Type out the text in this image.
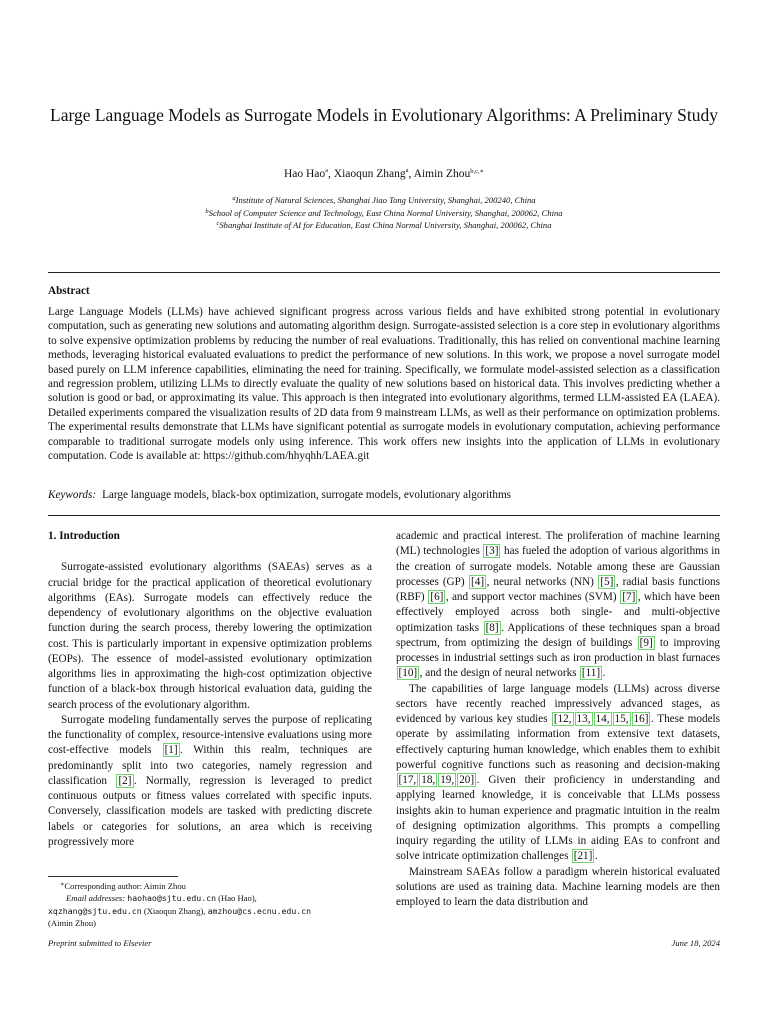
Large Language Models as Surrogate Models in Evolutionary Algorithms: A Preliminary Study
Hao Hao$^a$, Xiaoqun Zhang$^a$, Aimin Zhou$^{b,c,∗}$
$^a$Institute of Natural Sciences, Shanghai Jiao Tong University, Shanghai, 200240, China
$^b$School of Computer Science and Technology, East China Normal University, Shanghai, 200062, China
$^c$Shanghai Institute of AI for Education, East China Normal University, Shanghai, 200062, China
Abstract
Large Language Models (LLMs) have achieved significant progress across various fields and have exhibited strong potential in evolutionary computation, such as generating new solutions and automating algorithm design. Surrogate-assisted selection is a core step in evolutionary algorithms to solve expensive optimization problems by reducing the number of real evaluations. Traditionally, this has relied on conventional machine learning methods, leveraging historical evaluated evaluations to predict the performance of new solutions. In this work, we propose a novel surrogate model based purely on LLM inference capabilities, eliminating the need for training. Specifically, we formulate model-assisted selection as a classification and regression problem, utilizing LLMs to directly evaluate the quality of new solutions based on historical data. This involves predicting whether a solution is good or bad, or approximating its value. This approach is then integrated into evolutionary algorithms, termed LLM-assisted EA (LAEA). Detailed experiments compared the visualization results of 2D data from 9 mainstream LLMs, as well as their performance on optimization problems. The experimental results demonstrate that LLMs have significant potential as surrogate models in evolutionary computation, achieving performance comparable to traditional surrogate models only using inference. This work offers new insights into the application of LLMs in evolutionary computation. Code is available at: https://github.com/hhyqhh/LAEA.git
Keywords: Large language models, black-box optimization, surrogate models, evolutionary algorithms
1. Introduction

Surrogate-assisted evolutionary algorithms (SAEAs) serves as a crucial bridge for the practical application of theoretical evolutionary algorithms (EAs). Surrogate models can effectively reduce the dependency of evolutionary algorithms on the objective evaluation function during the search process, thereby lowering the optimization cost. This is particularly important in expensive optimization problems (EOPs). The essence of model-assisted evolutionary optimization algorithms lies in approximating the high-cost optimization objective function of a black-box through historical evaluation data, guiding the search process of the evolutionary algorithm.

Surrogate modeling fundamentally serves the purpose of replicating the functionality of complex, resource-intensive evaluations using more cost-effective models [1] . Within this realm, techniques are predominantly split into two categories, namely regression and classification [2] . Normally, regression is leveraged to predict continuous outputs or fitness values correlated with specific inputs. Conversely, classification models are tasked with predicting discrete labels or categories for solutions, an area which is receiving progressively more

academic and practical interest. The proliferation of machine learning (ML) technologies [3] has fueled the adoption of various algorithms in the creation of surrogate models. Notable among these are Gaussian processes (GP) [4] , neural networks (NN) [5] , radial basis functions (RBF) [6] , and support vector machines (SVM) [7] , which have been effectively employed across both single- and multi-objective optimization tasks [8] . Applications of these techniques span a broad spectrum, from optimizing the design of buildings [9] to improving processes in industrial settings such as iron production in blast furnaces [10] , and the design of neural networks [11] .

The capabilities of large language models (LLMs) across diverse sectors have recently reached impressively advanced stages, as evidenced by various key studies [12, 13, 14, 15, 16] . These models operate by assimilating information from extensive text datasets, effectively capturing human knowledge, which enables them to exhibit powerful cognitive functions such as reasoning and decision-making [17, 18, 19, 20] . Given their proficiency in understanding and applying learned knowledge, it is conceivable that LLMs possess insights akin to human experience and pragmatic intuition in the realm of designing optimization algorithms. This prompts a compelling inquiry regarding the utility of LLMs in aiding EAs to confront and solve intricate optimization challenges [21] .

Mainstream SAEAs follow a paradigm wherein historical evaluated solutions are used as training data. Machine learning models are then employed to learn the data distribution and

∗Corresponding author: Aimin Zhou
Email addresses: haohao@sjtu.edu.cn (Hao Hao),
xqzhang@sjtu.edu.cn (Xiaoqun Zhang), amzhou@cs.ecnu.edu.cn
(Aimin Zhou)
Preprint submitted to Elsevier	June 18, 2024
